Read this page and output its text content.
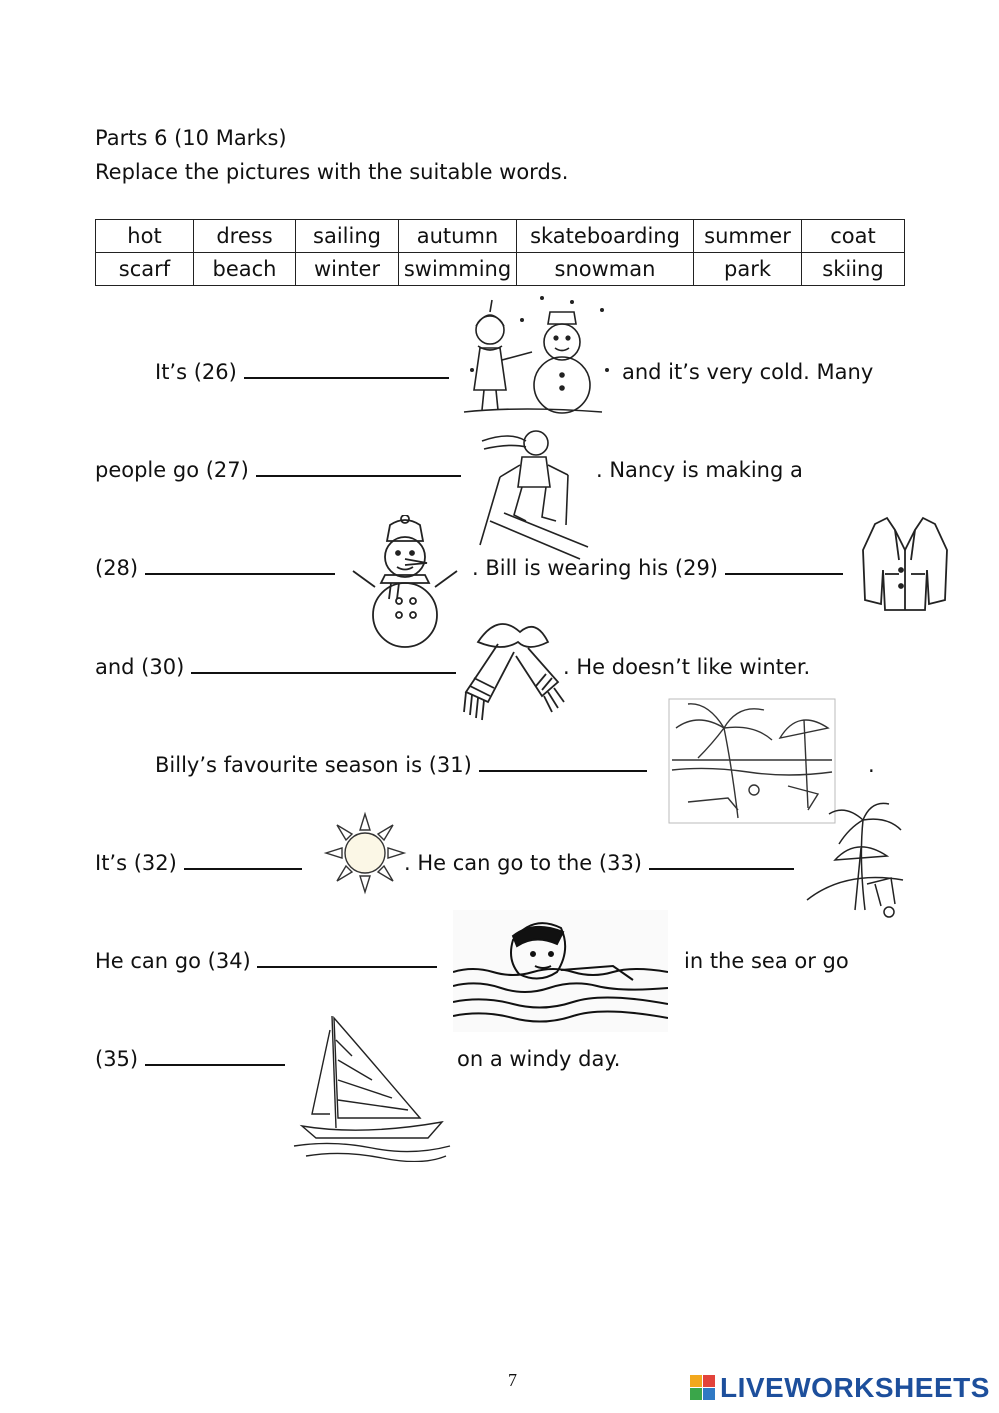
Parts 6 (10 Marks)
Replace the pictures with the suitable words.
hot	dress	sailing	autumn	skateboarding	summer	coat
scarf	beach	winter	swimming	snowman	park	skiing
It’s (26)	and it’s very cold. Many
people go (27)	. Nancy is making a
(28)	. Bill is wearing his (29)
and (30)	. He doesn’t like winter.
Billy’s favourite season is (31)	.
It’s (32)	. He can go to the (33)
He can go (34)	in the sea or go
(35)	on a windy day.
7	LIVEWORKSHEETS
